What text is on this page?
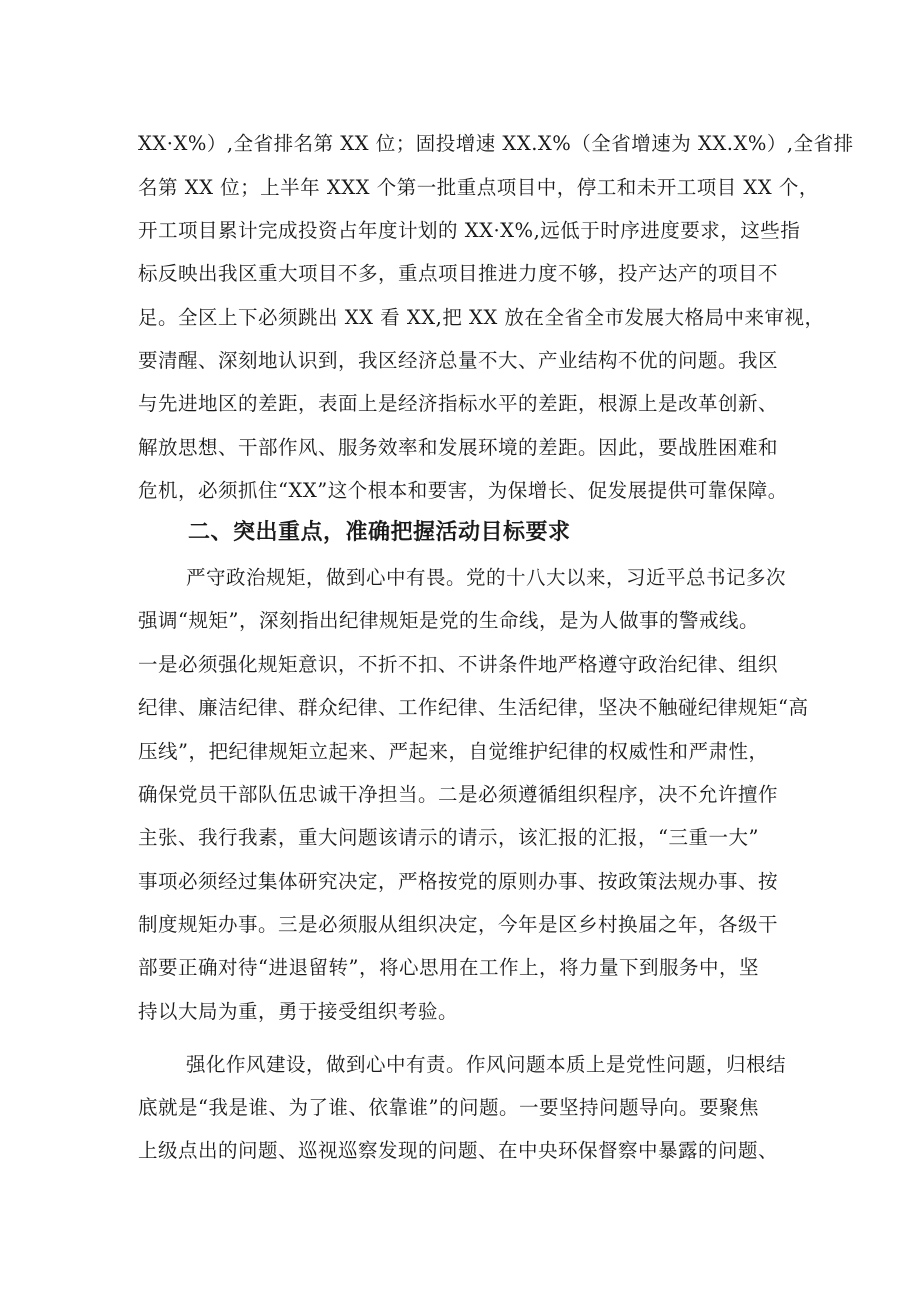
XX·X%）,全省排名第 XX 位；固投增速 XX.X%（全省增速为 XX.X%）,全省排
名第 XX 位；上半年 XXX 个第一批重点项目中，停工和未开工项目 XX 个，
开工项目累计完成投资占年度计划的 XX·X%,远低于时序进度要求，这些指
标反映出我区重大项目不多，重点项目推进力度不够，投产达产的项目不
足。全区上下必须跳出 XX 看 XX,把 XX 放在全省全市发展大格局中来审视，
要清醒、深刻地认识到，我区经济总量不大、产业结构不优的问题。我区
与先进地区的差距，表面上是经济指标水平的差距，根源上是改革创新、
解放思想、干部作风、服务效率和发展环境的差距。因此，要战胜困难和
危机，必须抓住“XX”这个根本和要害，为保增长、促发展提供可靠保障。
二、突出重点，准确把握活动目标要求
严守政治规矩，做到心中有畏。党的十八大以来，习近平总书记多次
强调“规矩”，深刻指出纪律规矩是党的生命线，是为人做事的警戒线。
一是必须强化规矩意识，不折不扣、不讲条件地严格遵守政治纪律、组织
纪律、廉洁纪律、群众纪律、工作纪律、生活纪律，坚决不触碰纪律规矩“高
压线”，把纪律规矩立起来、严起来，自觉维护纪律的权威性和严肃性，
确保党员干部队伍忠诚干净担当。二是必须遵循组织程序，决不允许擅作
主张、我行我素，重大问题该请示的请示，该汇报的汇报，“三重一大”
事项必须经过集体研究决定，严格按党的原则办事、按政策法规办事、按
制度规矩办事。三是必须服从组织决定，今年是区乡村换届之年，各级干
部要正确对待“进退留转”，将心思用在工作上，将力量下到服务中，坚
持以大局为重，勇于接受组织考验。
强化作风建设，做到心中有责。作风问题本质上是党性问题，归根结
底就是“我是谁、为了谁、依靠谁”的问题。一要坚持问题导向。要聚焦
上级点出的问题、巡视巡察发现的问题、在中央环保督察中暴露的问题、
